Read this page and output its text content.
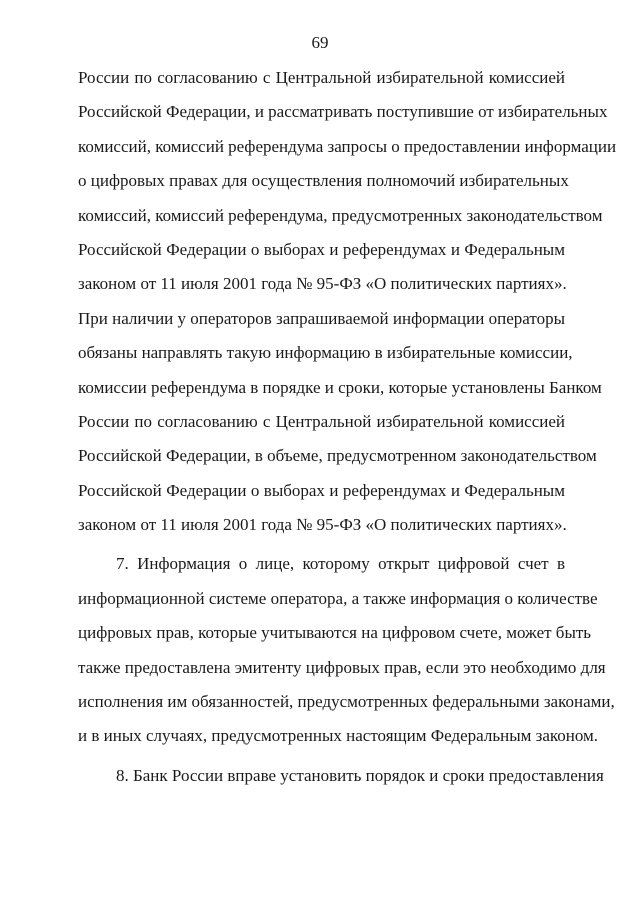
69
России по согласованию с Центральной избирательной комиссией
Российской Федерации, и рассматривать поступившие от избирательных
комиссий, комиссий референдума запросы о предоставлении информации
о цифровых правах для осуществления полномочий избирательных
комиссий, комиссий референдума, предусмотренных законодательством
Российской Федерации о выборах и референдумах и Федеральным
законом от 11 июля 2001 года № 95-ФЗ «О политических партиях».
При наличии у операторов запрашиваемой информации операторы
обязаны направлять такую информацию в избирательные комиссии,
комиссии референдума в порядке и сроки, которые установлены Банком
России по согласованию с Центральной избирательной комиссией
Российской Федерации, в объеме, предусмотренном законодательством
Российской Федерации о выборах и референдумах и Федеральным
законом от 11 июля 2001 года № 95-ФЗ «О политических партиях».
7. Информация о лице, которому открыт цифровой счет в
информационной системе оператора, а также информация о количестве
цифровых прав, которые учитываются на цифровом счете, может быть
также предоставлена эмитенту цифровых прав, если это необходимо для
исполнения им обязанностей, предусмотренных федеральными законами,
и в иных случаях, предусмотренных настоящим Федеральным законом.
8. Банк России вправе установить порядок и сроки предоставления
